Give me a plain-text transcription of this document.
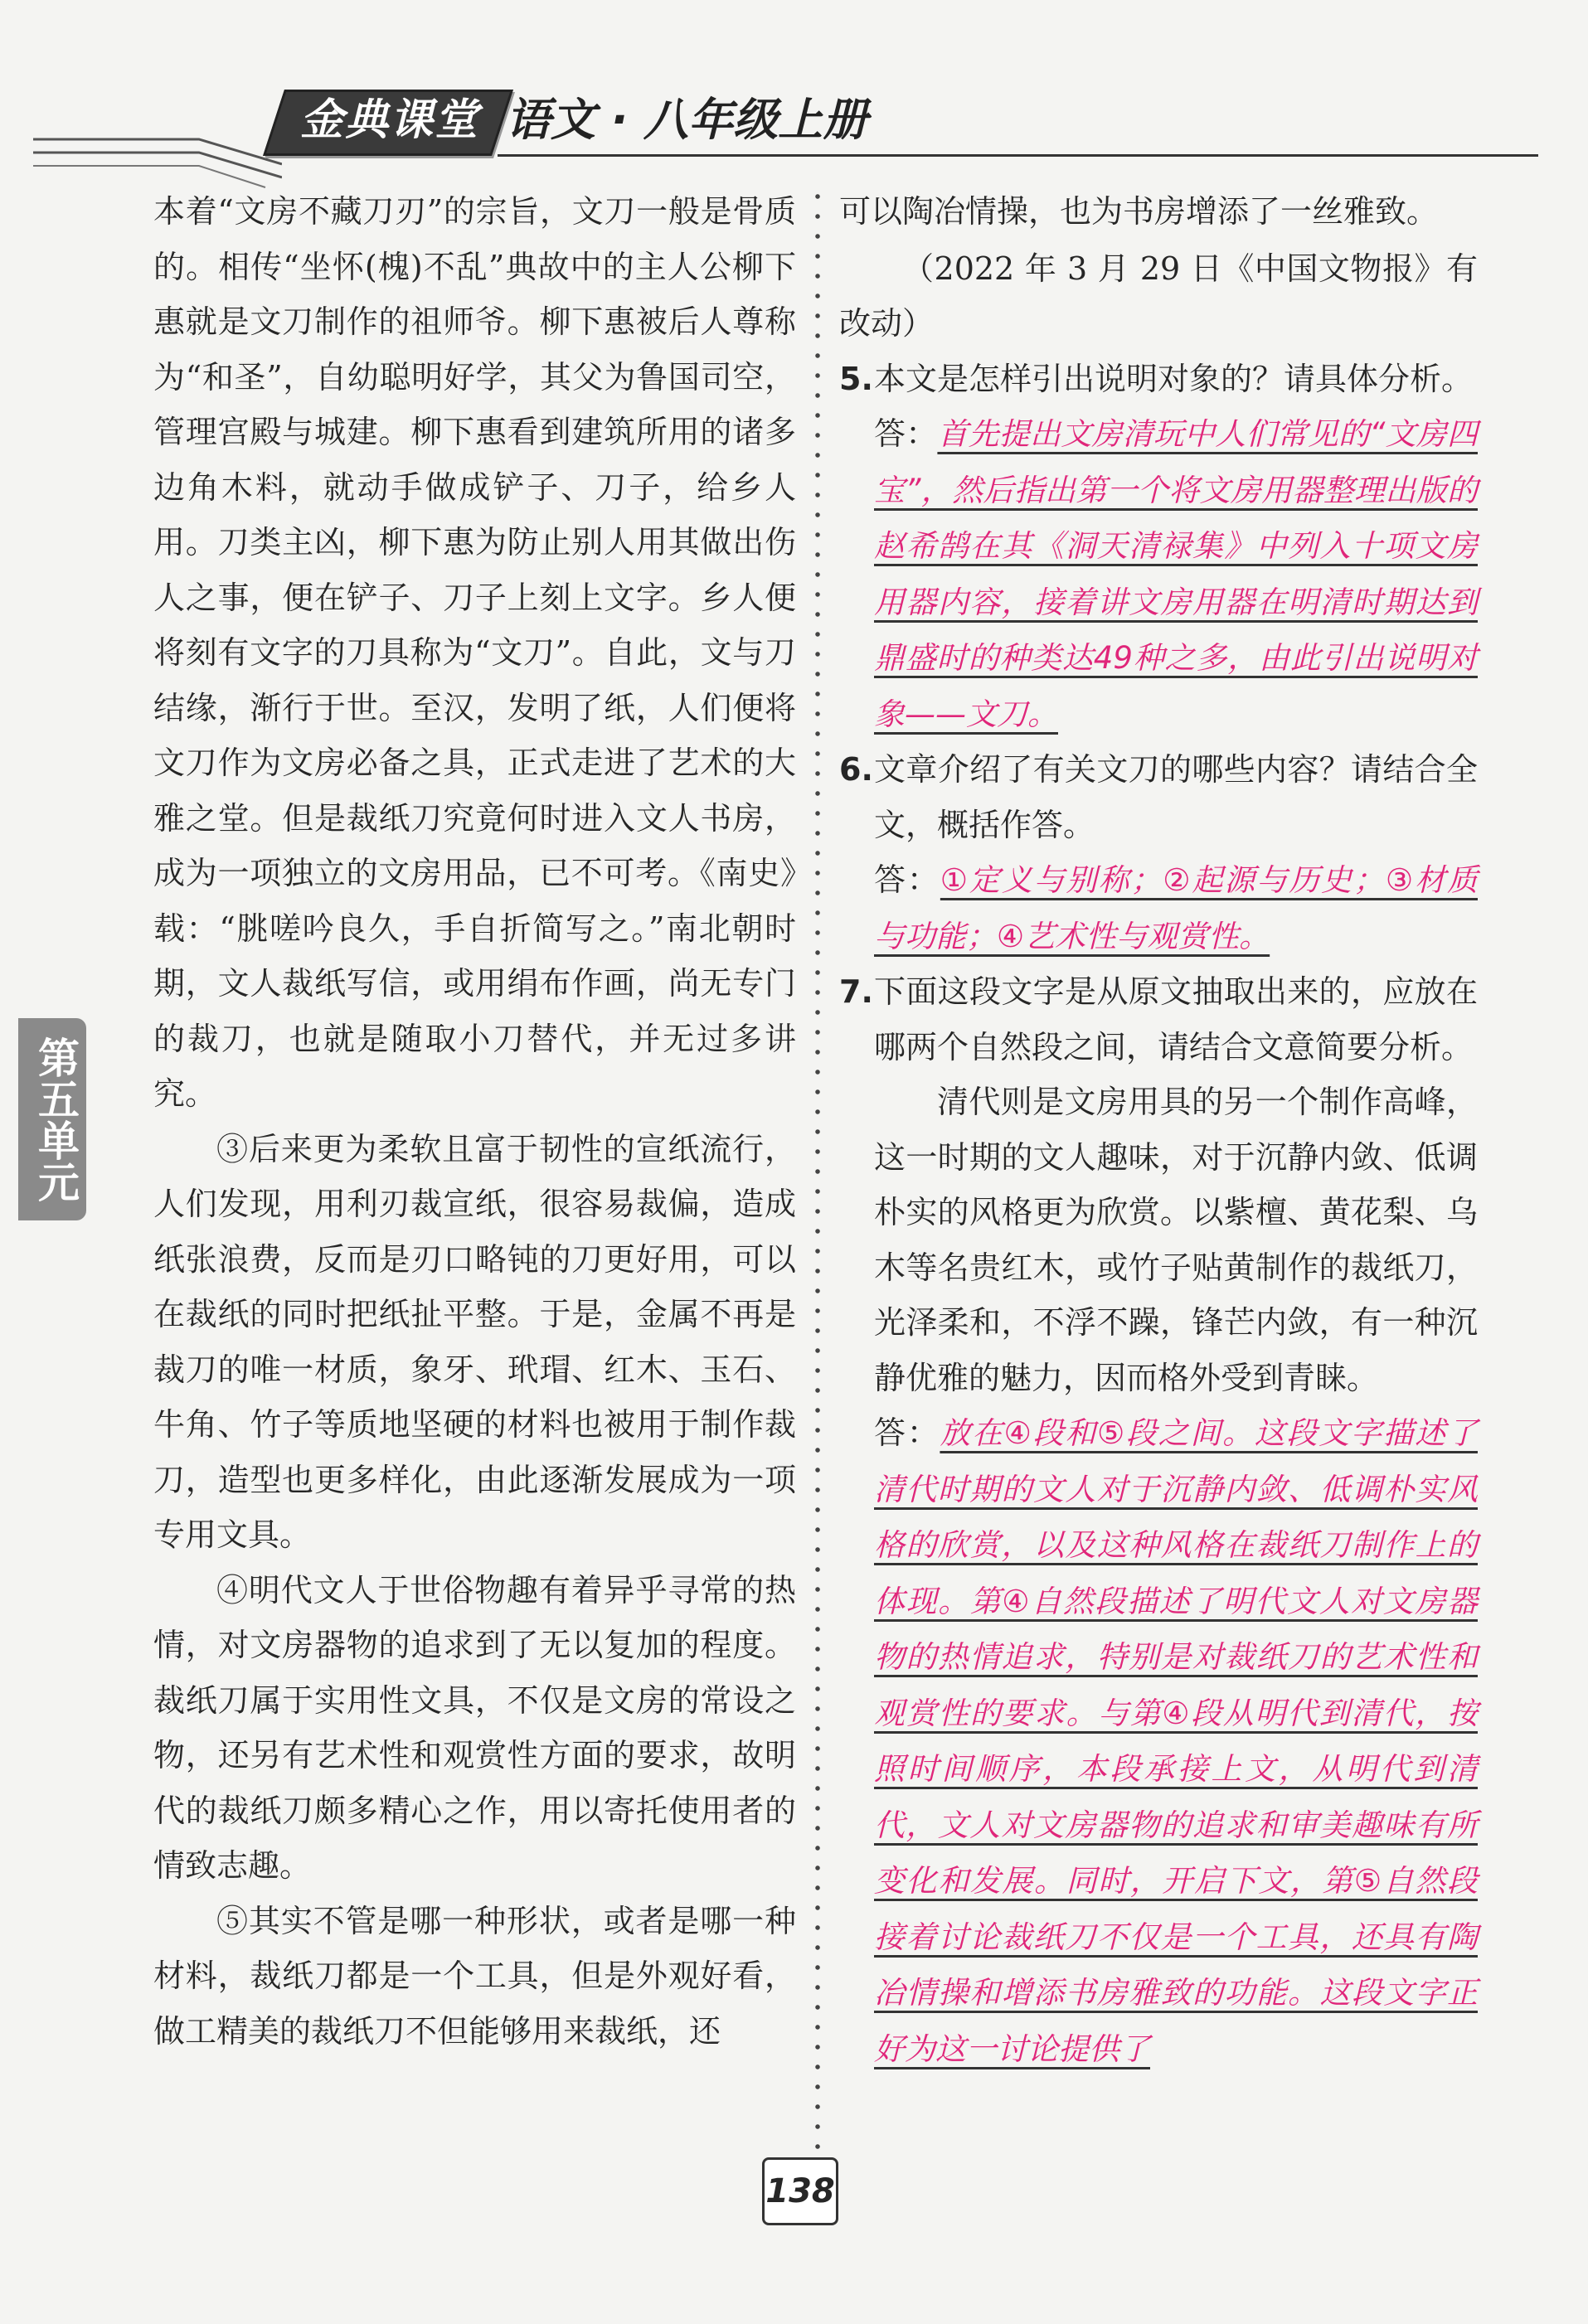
金典课堂 语文 · 八年级上册
第五单元

本着“文房不藏刀刃”的宗旨，文刀一般是骨质的。相传“坐怀(槐)不乱”典故中的主人公柳下惠就是文刀制作的祖师爷。柳下惠被后人尊称为“和圣”，自幼聪明好学，其父为鲁国司空，管理宫殿与城建。柳下惠看到建筑所用的诸多边角木料，就动手做成铲子、刀子，给乡人用。刀类主凶，柳下惠为防止别人用其做出伤人之事，便在铲子、刀子上刻上文字。乡人便将刻有文字的刀具称为“文刀”。自此，文与刀结缘，渐行于世。至汉，发明了纸，人们便将文刀作为文房必备之具，正式走进了艺术的大雅之堂。但是裁纸刀究竟何时进入文人书房，成为一项独立的文房用品，已不可考。《南史》载：“朓嗟吟良久，手自折简写之。”南北朝时期，文人裁纸写信，或用绢布作画，尚无专门的裁刀，也就是随取小刀替代，并无过多讲究。

③后来更为柔软且富于韧性的宣纸流行，人们发现，用利刃裁宣纸，很容易裁偏，造成纸张浪费，反而是刃口略钝的刀更好用，可以在裁纸的同时把纸扯平整。于是，金属不再是裁刀的唯一材质，象牙、玳瑁、红木、玉石、牛角、竹子等质地坚硬的材料也被用于制作裁刀，造型也更多样化，由此逐渐发展成为一项专用文具。

④明代文人于世俗物趣有着异乎寻常的热情，对文房器物的追求到了无以复加的程度。裁纸刀属于实用性文具，不仅是文房的常设之物，还另有艺术性和观赏性方面的要求，故明代的裁纸刀颇多精心之作，用以寄托使用者的情致志趣。

⑤其实不管是哪一种形状，或者是哪一种材料，裁纸刀都是一个工具，但是外观好看，做工精美的裁纸刀不但能够用来裁纸，还

可以陶冶情操，也为书房增添了一丝雅致。

（2022 年 3 月 29 日《中国文物报》有改动）

5. 本文是怎样引出说明对象的？请具体分析。

答：首先提出文房清玩中人们常见的“文房四宝”，然后指出第一个将文房用器整理出版的赵希鹄在其《洞天清禄集》中列入十项文房用器内容，接着讲文房用器在明清时期达到鼎盛时的种类达49种之多，由此引出说明对象——文刀。

6. 文章介绍了有关文刀的哪些内容？请结合全文，概括作答。

答：①定义与别称；②起源与历史；③材质与功能；④艺术性与观赏性。

7. 下面这段文字是从原文抽取出来的，应放在哪两个自然段之间，请结合文意简要分析。

清代则是文房用具的另一个制作高峰，这一时期的文人趣味，对于沉静内敛、低调朴实的风格更为欣赏。以紫檀、黄花梨、乌木等名贵红木，或竹子贴黄制作的裁纸刀，光泽柔和，不浮不躁，锋芒内敛，有一种沉静优雅的魅力，因而格外受到青睐。

答：放在④段和⑤段之间。这段文字描述了清代时期的文人对于沉静内敛、低调朴实风格的欣赏，以及这种风格在裁纸刀制作上的体现。第④自然段描述了明代文人对文房器物的热情追求，特别是对裁纸刀的艺术性和观赏性的要求。与第④段从明代到清代，按照时间顺序，本段承接上文，从明代到清代，文人对文房器物的追求和审美趣味有所变化和发展。同时，开启下文，第⑤自然段接着讨论裁纸刀不仅是一个工具，还具有陶冶情操和增添书房雅致的功能。这段文字正好为这一讨论提供了

138
